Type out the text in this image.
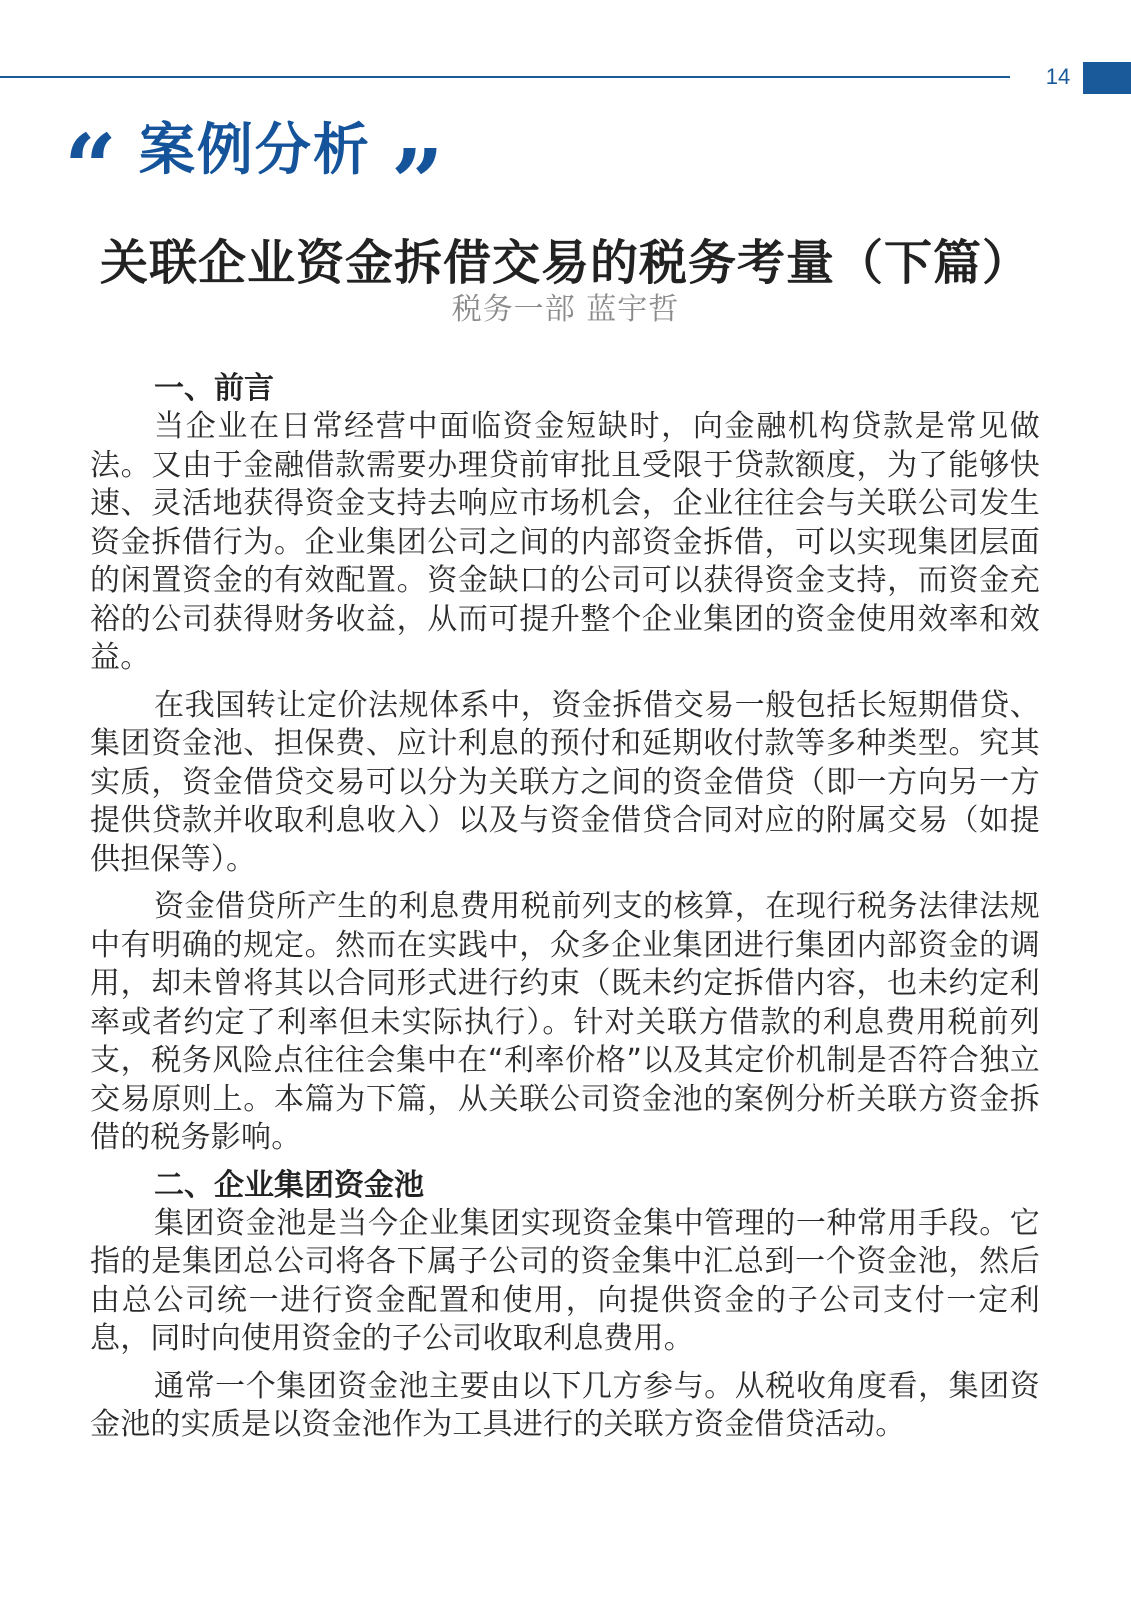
14
“ 案例分析 ”
关联企业资金拆借交易的税务考量（下篇）
税务一部 蓝宇哲
一、前言

当企业在日常经营中面临资金短缺时，向金融机构贷款是常见做法。又由于金融借款需要办理贷前审批且受限于贷款额度，为了能够快速、灵活地获得资金支持去响应市场机会，企业往往会与关联公司发生资金拆借行为。企业集团公司之间的内部资金拆借，可以实现集团层面的闲置资金的有效配置。资金缺口的公司可以获得资金支持，而资金充裕的公司获得财务收益，从而可提升整个企业集团的资金使用效率和效益。

在我国转让定价法规体系中，资金拆借交易一般包括长短期借贷、集团资金池、担保费、应计利息的预付和延期收付款等多种类型。究其实质，资金借贷交易可以分为关联方之间的资金借贷（即一方向另一方提供贷款并收取利息收入）以及与资金借贷合同对应的附属交易（如提供担保等）。

资金借贷所产生的利息费用税前列支的核算，在现行税务法律法规中有明确的规定。然而在实践中，众多企业集团进行集团内部资金的调用，却未曾将其以合同形式进行约束（既未约定拆借内容，也未约定利率或者约定了利率但未实际执行）。针对关联方借款的利息费用税前列支，税务风险点往往会集中在“利率价格”以及其定价机制是否符合独立交易原则上。本篇为下篇，从关联公司资金池的案例分析关联方资金拆借的税务影响。

二、企业集团资金池

集团资金池是当今企业集团实现资金集中管理的一种常用手段。它指的是集团总公司将各下属子公司的资金集中汇总到一个资金池，然后由总公司统一进行资金配置和使用，向提供资金的子公司支付一定利息，同时向使用资金的子公司收取利息费用。

通常一个集团资金池主要由以下几方参与。从税收角度看，集团资金池的实质是以资金池作为工具进行的关联方资金借贷活动。
